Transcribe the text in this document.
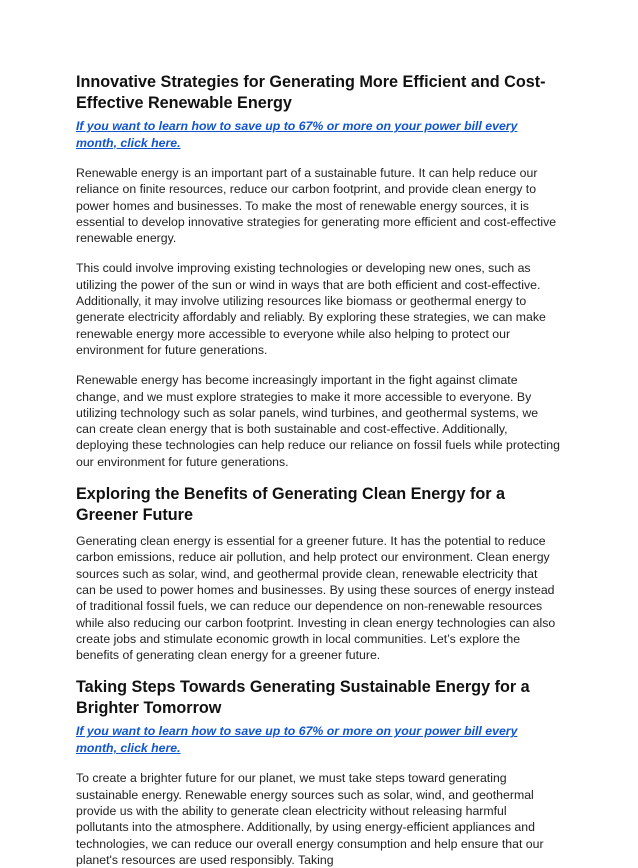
Innovative Strategies for Generating More Efficient and Cost-Effective Renewable Energy
If you want to learn how to save up to 67% or more on your power bill every month, click here.

Renewable energy is an important part of a sustainable future. It can help reduce our reliance on finite resources, reduce our carbon footprint, and provide clean energy to power homes and businesses. To make the most of renewable energy sources, it is essential to develop innovative strategies for generating more efficient and cost-effective renewable energy.

This could involve improving existing technologies or developing new ones, such as utilizing the power of the sun or wind in ways that are both efficient and cost-effective. Additionally, it may involve utilizing resources like biomass or geothermal energy to generate electricity affordably and reliably. By exploring these strategies, we can make renewable energy more accessible to everyone while also helping to protect our environment for future generations.

Renewable energy has become increasingly important in the fight against climate change, and we must explore strategies to make it more accessible to everyone. By utilizing technology such as solar panels, wind turbines, and geothermal systems, we can create clean energy that is both sustainable and cost-effective. Additionally, deploying these technologies can help reduce our reliance on fossil fuels while protecting our environment for future generations.

Exploring the Benefits of Generating Clean Energy for a Greener Future

Generating clean energy is essential for a greener future. It has the potential to reduce carbon emissions, reduce air pollution, and help protect our environment. Clean energy sources such as solar, wind, and geothermal provide clean, renewable electricity that can be used to power homes and businesses. By using these sources of energy instead of traditional fossil fuels, we can reduce our dependence on non-renewable resources while also reducing our carbon footprint. Investing in clean energy technologies can also create jobs and stimulate economic growth in local communities. Let’s explore the benefits of generating clean energy for a greener future.

Taking Steps Towards Generating Sustainable Energy for a Brighter Tomorrow
If you want to learn how to save up to 67% or more on your power bill every month, click here.

To create a brighter future for our planet, we must take steps toward generating sustainable energy. Renewable energy sources such as solar, wind, and geothermal provide us with the ability to generate clean electricity without releasing harmful pollutants into the atmosphere. Additionally, by using energy-efficient appliances and technologies, we can reduce our overall energy consumption and help ensure that our planet's resources are used responsibly. Taking
